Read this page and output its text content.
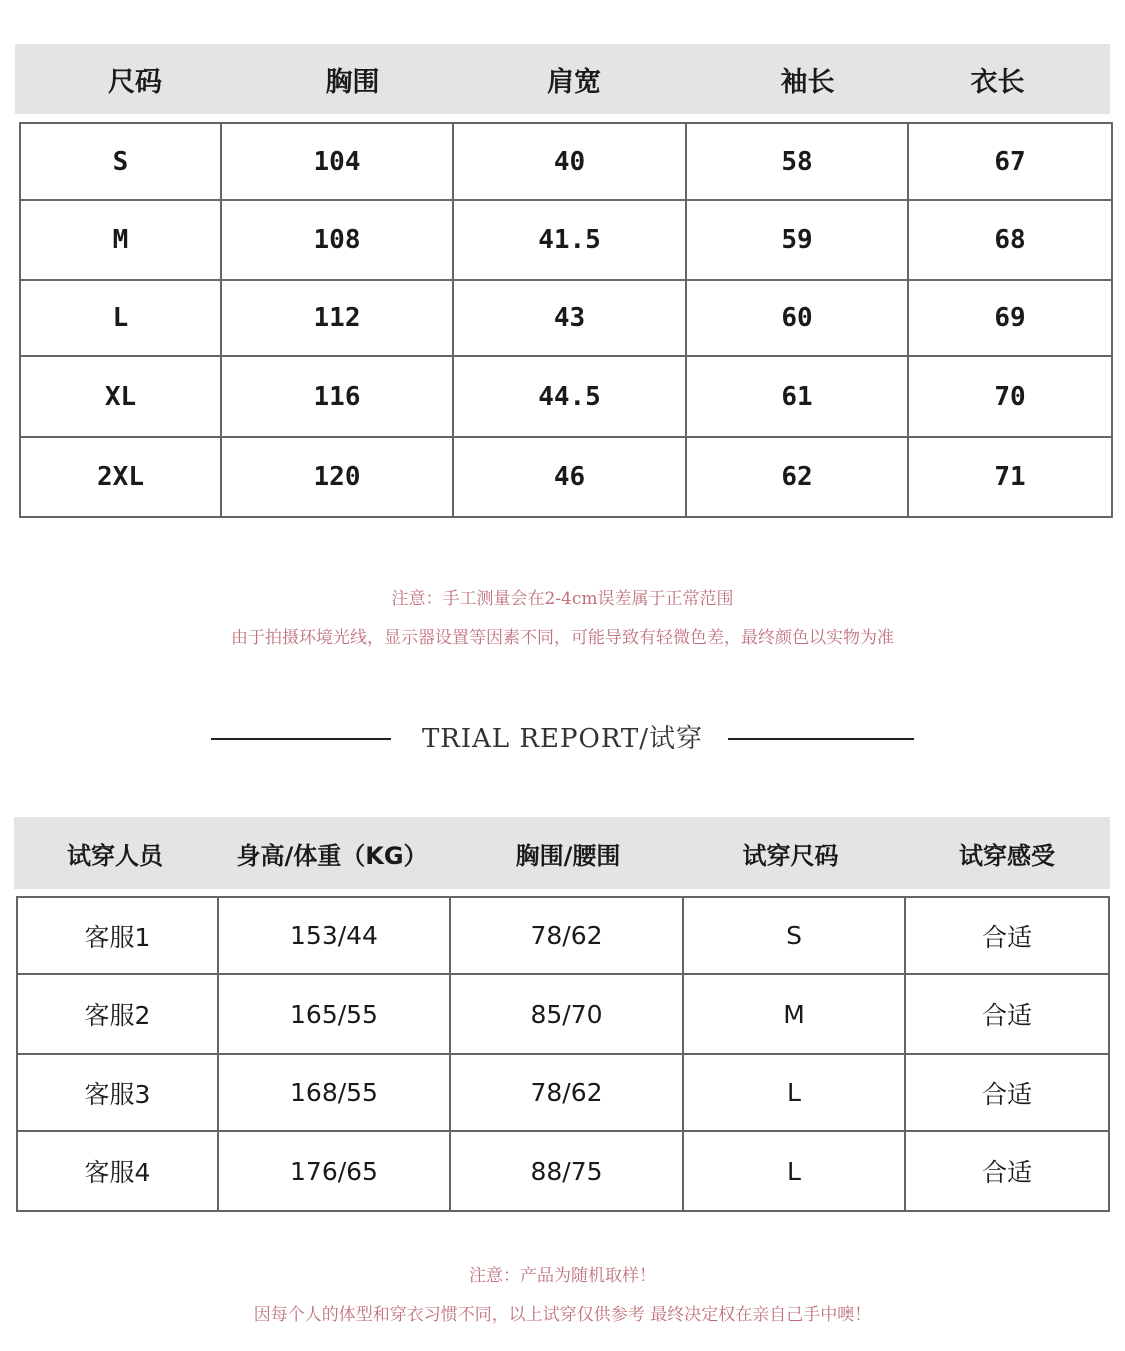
尺码	胸围	肩宽	袖长	衣长
S	104	40	58	67
M	108	41.5	59	68
L	112	43	60	69
XL	116	44.5	61	70
2XL	120	46	62	71
注意：手工测量会在2-4cm误差属于正常范围
由于拍摄环境光线，显示器设置等因素不同，可能导致有轻微色差，最终颜色以实物为准
TRIAL REPORT/试穿
试穿人员	身高/体重（KG）	胸围/腰围	试穿尺码	试穿感受
客服1	153/44	78/62	S	合适
客服2	165/55	85/70	M	合适
客服3	168/55	78/62	L	合适
客服4	176/65	88/75	L	合适
注意：产品为随机取样！
因每个人的体型和穿衣习惯不同，以上试穿仅供参考 最终决定权在亲自己手中噢！
